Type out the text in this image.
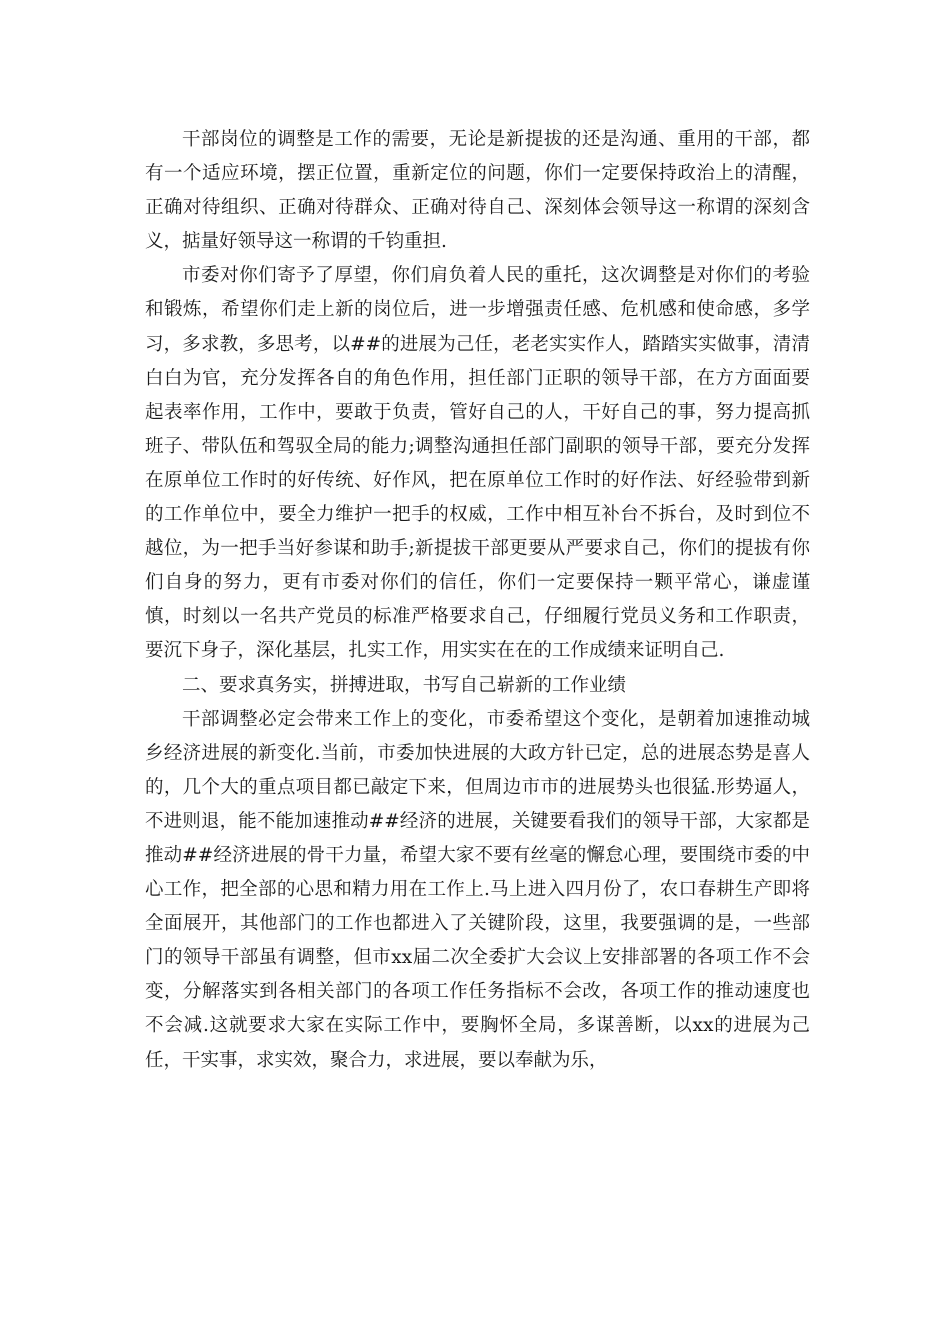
干部岗位的调整是工作的需要，无论是新提拔的还是沟通、重用的干部，都有一个适应环境，摆正位置，重新定位的问题，你们一定要保持政治上的清醒，正确对待组织、正确对待群众、正确对待自己、深刻体会领导这一称谓的深刻含义，掂量好领导这一称谓的千钧重担.

市委对你们寄予了厚望，你们肩负着人民的重托，这次调整是对你们的考验和锻炼，希望你们走上新的岗位后，进一步增强责任感、危机感和使命感，多学习，多求教，多思考，以##的进展为己任，老老实实作人，踏踏实实做事，清清白白为官，充分发挥各自的角色作用，担任部门正职的领导干部，在方方面面要起表率作用，工作中，要敢于负责，管好自己的人，干好自己的事，努力提高抓班子、带队伍和驾驭全局的能力;调整沟通担任部门副职的领导干部，要充分发挥在原单位工作时的好传统、好作风，把在原单位工作时的好作法、好经验带到新的工作单位中，要全力维护一把手的权威，工作中相互补台不拆台，及时到位不越位，为一把手当好参谋和助手;新提拔干部更要从严要求自己，你们的提拔有你们自身的努力，更有市委对你们的信任，你们一定要保持一颗平常心，谦虚谨慎，时刻以一名共产党员的标准严格要求自己，仔细履行党员义务和工作职责，要沉下身子，深化基层，扎实工作，用实实在在的工作成绩来证明自己.

二、要求真务实，拼搏进取，书写自己崭新的工作业绩

干部调整必定会带来工作上的变化，市委希望这个变化，是朝着加速推动城乡经济进展的新变化.当前，市委加快进展的大政方针已定，总的进展态势是喜人的，几个大的重点项目都已敲定下来，但周边市市的进展势头也很猛.形势逼人，不进则退，能不能加速推动##经济的进展，关键要看我们的领导干部，大家都是推动##经济进展的骨干力量，希望大家不要有丝毫的懈怠心理，要围绕市委的中心工作，把全部的心思和精力用在工作上.马上进入四月份了，农口春耕生产即将全面展开，其他部门的工作也都进入了关键阶段，这里，我要强调的是，一些部门的领导干部虽有调整，但市xx届二次全委扩大会议上安排部署的各项工作不会变，分解落实到各相关部门的各项工作任务指标不会改，各项工作的推动速度也不会减.这就要求大家在实际工作中，要胸怀全局，多谋善断，以xx的进展为己任，干实事，求实效，聚合力，求进展，要以奉献为乐，
